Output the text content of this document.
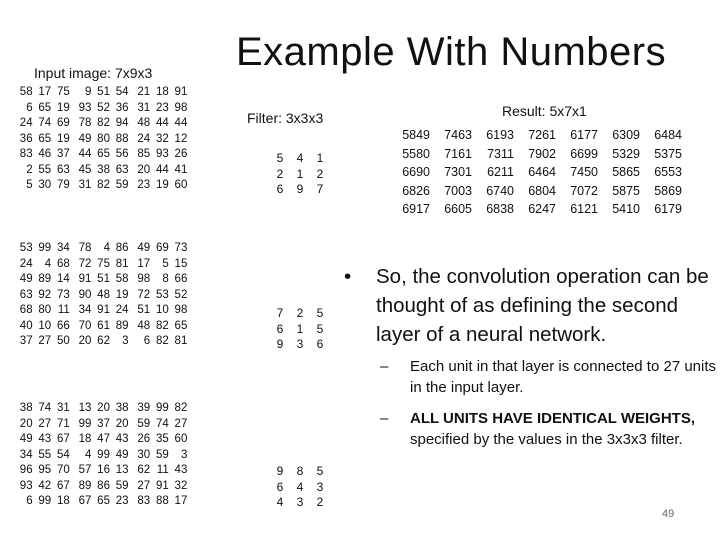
Example With Numbers
Input image: 7x9x3
Filter: 3x3x3	Result: 5x7x1
58	17	75		9	51	54		21	18	91
6	65	19		93	52	36		31	23	98
24	74	69		78	82	94		48	44	44
36	65	19		49	80	88		24	32	12
83	46	37		44	65	56		85	93	26
2	55	63		45	38	63		20	44	41
5	30	79		31	82	59		23	19	60
53	99	34		78	4	86		49	69	73
24	4	68		72	75	81		17	5	15
49	89	14		91	51	58		98	8	66
63	92	73		90	48	19		72	53	52
68	80	11		34	91	24		51	10	98
40	10	66		70	61	89		48	82	65
37	27	50		20	62	3		6	82	81
38	74	31		13	20	38		39	99	82
20	27	71		99	37	20		59	74	27
49	43	67		18	47	43		26	35	60
34	55	54		4	99	49		30	59	3
96	95	70		57	16	13		62	11	43
93	42	67		89	86	59		27	91	32
6	99	18		67	65	23		83	88	17
5	4	1
2	1	2
6	9	7
7	2	5
6	1	5
9	3	6
9	8	5
6	4	3
4	3	2
5849	7463	6193	7261	6177	6309	6484
5580	7161	7311	7902	6699	5329	5375
6690	7301	6211	6464	7450	5865	6553
6826	7003	6740	6804	7072	5875	5869
6917	6605	6838	6247	6121	5410	6179
• So, the convolution operation can be thought of as defining the second layer of a neural network.
– Each unit in that layer is connected to 27 units in the input layer.
– ALL UNITS HAVE IDENTICAL WEIGHTS, specified by the values in the 3x3x3 filter.
49
